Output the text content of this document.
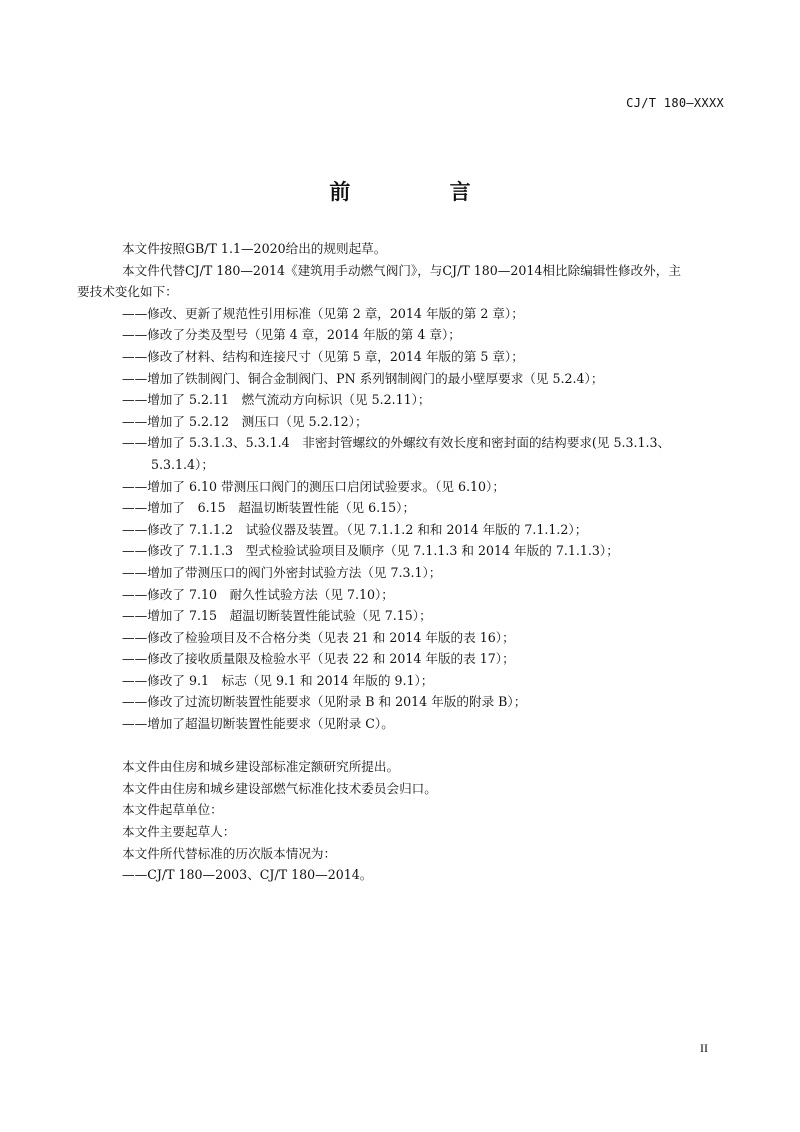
CJ/T 180—XXXX
前 言

本文件按照GB/T 1.1—2020给出的规则起草。

本文件代替CJ/T 180—2014《建筑用手动燃气阀门》，与CJ/T 180—2014相比除编辑性修改外，主

要技术变化如下：

——修改、更新了规范性引用标准（见第 2 章，2014 年版的第 2 章）；

——修改了分类及型号（见第 4 章，2014 年版的第 4 章）；

——修改了材料、结构和连接尺寸（见第 5 章，2014 年版的第 5 章）；

——增加了铁制阀门、铜合金制阀门、PN 系列钢制阀门的最小壁厚要求（见 5.2.4）；

——增加了 5.2.11　燃气流动方向标识（见 5.2.11）；

——增加了 5.2.12　测压口（见 5.2.12）；

——增加了 5.3.1.3、5.3.1.4　非密封管螺纹的外螺纹有效长度和密封面的结构要求(见 5.3.1.3、

5.3.1.4）；

——增加了 6.10 带测压口阀门的测压口启闭试验要求。（见 6.10）；

——增加了　6.15　超温切断装置性能（见 6.15）；

——修改了 7.1.1.2　试验仪器及装置。（见 7.1.1.2 和和 2014 年版的 7.1.1.2）；

——修改了 7.1.1.3　型式检验试验项目及顺序（见 7.1.1.3 和 2014 年版的 7.1.1.3）；

——增加了带测压口的阀门外密封试验方法（见 7.3.1）；

——修改了 7.10　耐久性试验方法（见 7.10）；

——增加了 7.15　超温切断装置性能试验（见 7.15）；

——修改了检验项目及不合格分类（见表 21 和 2014 年版的表 16）；

——修改了接收质量限及检验水平（见表 22 和 2014 年版的表 17）；

——修改了 9.1　标志（见 9.1 和 2014 年版的 9.1）；

——修改了过流切断装置性能要求（见附录 B 和 2014 年版的附录 B）；

——增加了超温切断装置性能要求（见附录 C）。

本文件由住房和城乡建设部标准定额研究所提出。

本文件由住房和城乡建设部燃气标准化技术委员会归口。

本文件起草单位：

本文件主要起草人：

本文件所代替标准的历次版本情况为：

——CJ/T 180—2003、CJ/T 180—2014。

II
